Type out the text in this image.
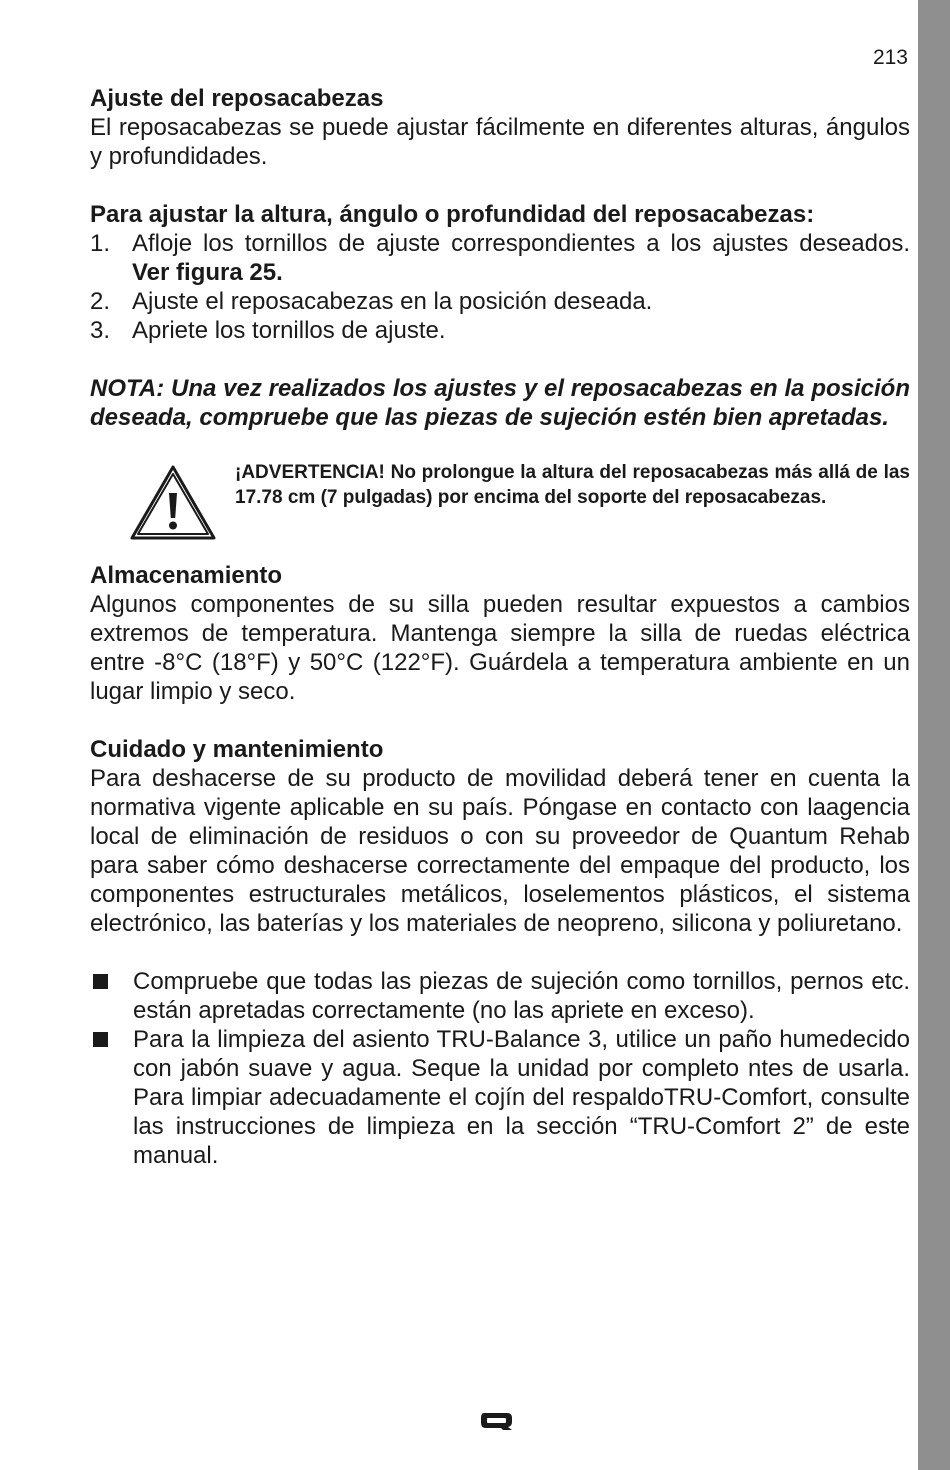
213
Ajuste del reposacabezas
El reposacabezas se puede ajustar fácilmente en diferentes alturas, ángulos y profundidades.
Para ajustar la altura, ángulo o profundidad del reposacabezas:
1. Afloje los tornillos de ajuste correspondientes a los ajustes deseados. Ver figura 25.
2. Ajuste el reposacabezas en la posición deseada.
3. Apriete los tornillos de ajuste.
NOTA: Una vez realizados los ajustes y el reposacabezas en la posición deseada, compruebe que las piezas de sujeción estén bien apretadas.
¡ADVERTENCIA! No prolongue la altura del reposacabezas más allá de las 17.78 cm (7 pulgadas) por encima del soporte del reposacabezas.
Almacenamiento
Algunos componentes de su silla pueden resultar expuestos a cambios extremos de temperatura. Mantenga siempre la silla de ruedas eléctrica entre -8°C (18°F) y 50°C (122°F). Guárdela a temperatura ambiente en un lugar limpio y seco.
Cuidado y mantenimiento
Para deshacerse de su producto de movilidad deberá tener en cuenta la normativa vigente aplicable en su país. Póngase en contacto con laagencia local de eliminación de residuos o con su proveedor de Quantum Rehab para saber cómo deshacerse correctamente del empaque del producto, los componentes estructurales metálicos, loselementos plásticos, el sistema electrónico, las baterías y los materiales de neopreno, silicona y poliuretano.
Compruebe que todas las piezas de sujeción como tornillos, pernos etc. están apretadas correctamente (no las apriete en exceso).
Para la limpieza del asiento TRU-Balance 3, utilice un paño humedecido con jabón suave y agua. Seque la unidad por completo ntes de usarla. Para limpiar adecuadamente el cojín del respaldoTRU-Comfort, consulte las instrucciones de limpieza en la sección “TRU-Comfort 2” de este manual.
